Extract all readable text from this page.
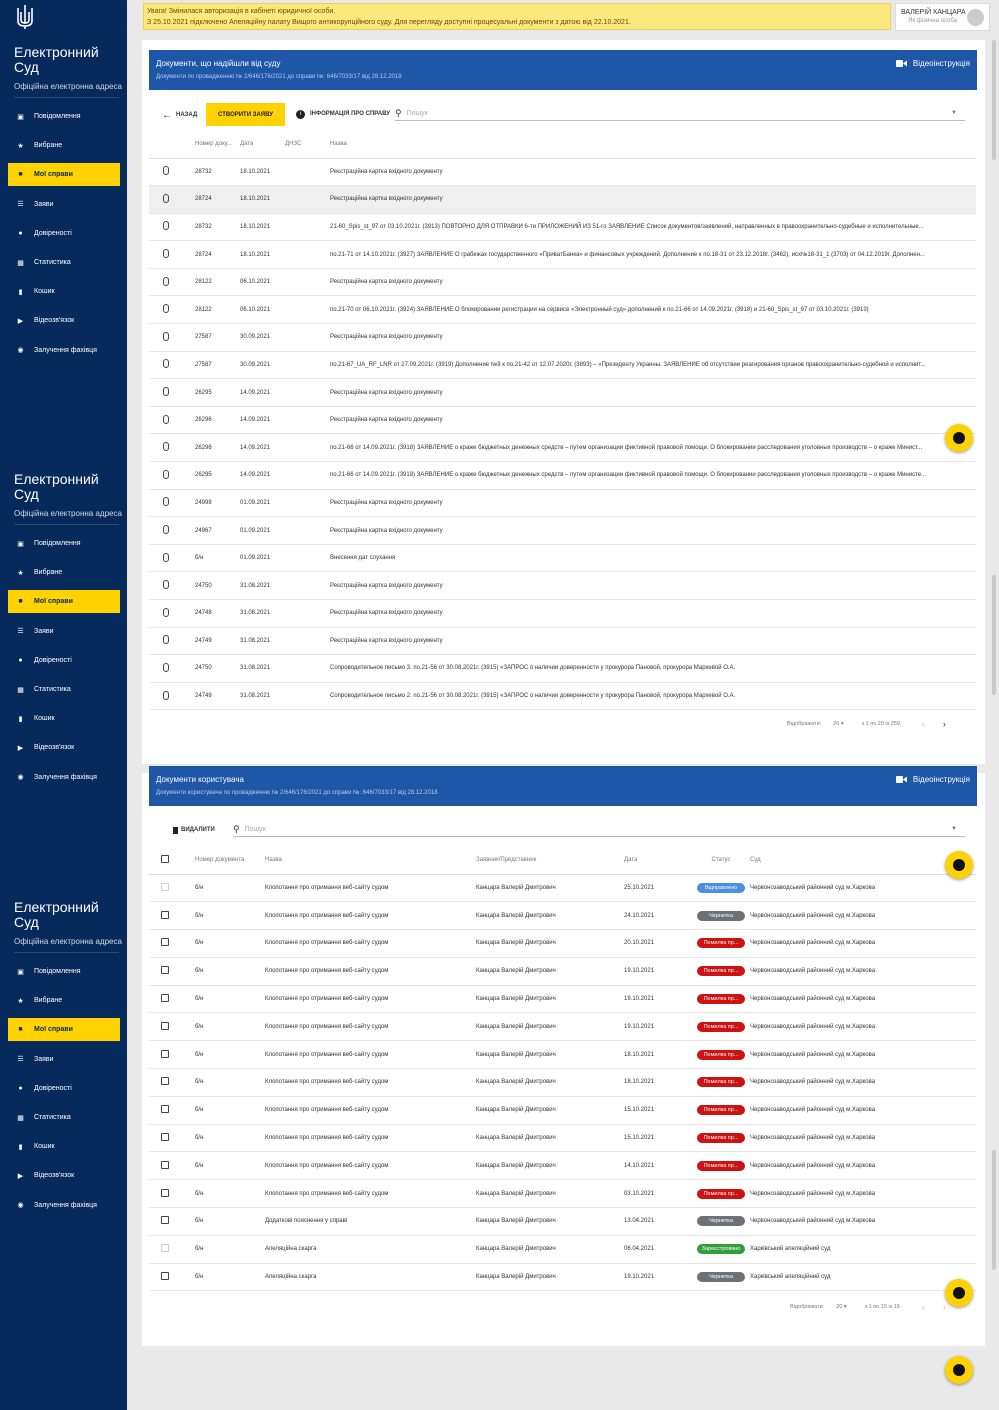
Електронний Суд
Офіційна електронна адреса
▣ Повідомлення
★ Вибране
■	Мої справи
☰ Заяви
●	Довіреності
▦ Статистика
▮	Кошик
▶ Відеозв'язок
◉ Залучення фахівця
Електронний Суд
Офіційна електронна адреса
▣ Повідомлення
★ Вибране
■	Мої справи
☰ Заяви
●	Довіреності
▦ Статистика
▮	Кошик
▶ Відеозв'язок
◉ Залучення фахівця
Електронний Суд
Офіційна електронна адреса
▣ Повідомлення
★ Вибране
■	Мої справи
☰ Заяви
●	Довіреності
▦ Статистика
▮	Кошик
▶ Відеозв'язок
◉ Залучення фахівця
Увага! Змінилася авторизація в кабінеті юридичної особи.
З 25.10.2021 підключено Апеляційну палату Вищого антикорупційного суду. Для перегляду доступні процесуальні документи з датою від 22.10.2021.
ВАЛЕРІЙ КАНЦАРА
Як фізична особа
Документи, що надійшли від суду
Документи по провадженню № 2/646/176/2021 до справи №: 646/7033/17 від 28.12.2018
Відеоінструкція
← НАЗАД	СТВОРИТИ ЗАЯВУ	i	ІНФОРМАЦІЯ ПРО СПРАВУ ⚲ Пошук	▼
	Номер доку...	Дата	ДНЗС	Назва
	28732	18.10.2021		Реєстраційна картка вхідного документу
	28724	18.10.2021		Реєстраційна картка вхідного документу
	28732	18.10.2021		21-60_Spis_st_97 от 03.10.2021г. (3913) ПОВТОРНО ДЛЯ ОТПРАВКИ 6-ти ПРИЛОЖЕНИЙ ИЗ 51-го ЗАЯВЛЕНИЕ Список документов/заявлений, направленных в правоохранительно-судебные и исполнительные...
	28724	18.10.2021		по.21-71 от 14.10.2021г. (3927) ЗАЯВЛЕНИЕ О грабежах государственного «ПриватБанка» и финансовых учреждений. Дополнение к по.18-31 от 23.12.2018г. (3462), исх№18-31_1 (3703) от 04.12.2019г. Дополнен...
	28122	06.10.2021		Реєстраційна картка вхідного документу
	28122	06.10.2021		по.21-70 от 06.10.2021г. (3924) ЗАЯВЛЕНИЕ О блокировании регистрации на сервисе «Электронный суд» дополнений к по.21-66 от 14.09.2021г. (3918) и 21-60_Spis_st_97 от 03.10.2021г. (3913)
	27587	30.09.2021		Реєстраційна картка вхідного документу
	27587	30.09.2021		по.21-67_UA_RF_LNR от 27.09.2021г. (3919) Дополнение №9 к по.21-42 от 12.07.2020г. (3893) – «Президенту Украины. ЗАЯВЛЕНИЕ об отсутствии реагирования органов правоохранительно-судебной и исполнит...
	26295	14.09.2021		Реєстраційна картка вхідного документу
	26296	14.09.2021		Реєстраційна картка вхідного документу
	26296	14.09.2021		по.21-66 от 14.09.2021г. (3918) ЗАЯВЛЕНИЕ о краже бюджетных денежных средств – путем организации фиктивной правовой помощи. О блокировании расследования уголовных производств – о краже Минист...
	26295	14.09.2021		по.21-66 от 14.09.2021г. (3918) ЗАЯВЛЕНИЕ о краже бюджетных денежных средств – путем организации фиктивной правовой помощи. О блокировании расследования уголовных производств – о краже Министе...
	24998	01.09.2021		Реєстраційна картка вхідного документу
	24967	01.09.2021		Реєстраційна картка вхідного документу
	б/н	01.09.2021		Внесення дат слухання
	24750	31.08.2021		Реєстраційна картка вхідного документу
	24748	31.08.2021		Реєстраційна картка вхідного документу
	24749	31.08.2021		Реєстраційна картка вхідного документу
	24750	31.08.2021		Сопроводительное письмо 3. по.21-56 от 30.08.2021г. (3915) «ЗАПРОС о наличии доверенности у прокурора Пановой, прокурора Мархевой О.А.
	24749	31.08.2021		Сопроводительное письмо 2. по.21-56 от 30.08.2021г. (3915) «ЗАПРОС о наличии доверенности у прокурора Пановой, прокурора Мархевой О.А.
Відображати: 20 ▾	з 1 по 20 із 259 ‹ ›
Документи користувача
Документи користувача по провадженню № 2/646/176/2021 до справи №: 646/7033/17 від 28.12.2018
Відеоінструкція
ВИДАЛИТИ ⚲ Пошук	▼
	Номер документа	Назва	Заявник/Представник	Дата	Статус	Суд
	б/н	Клопотання про отримання веб-сайту судом	Канцара Валерій Дмитрович	25.10.2021	Відправлено	Червонозаводський районний суд м.Харкова
	б/н	Клопотання про отримання веб-сайту судом	Канцара Валерій Дмитрович	24.10.2021	Чернетка	Червонозаводський районний суд м.Харкова
	б/н	Клопотання про отримання веб-сайту судом	Канцара Валерій Дмитрович	20.10.2021	Помилка пр...	Червонозаводський районний суд м.Харкова
	б/н	Клопотання про отримання веб-сайту судом	Канцара Валерій Дмитрович	19.10.2021	Помилка пр...	Червонозаводський районний суд м.Харкова
	б/н	Клопотання про отримання веб-сайту судом	Канцара Валерій Дмитрович	19.10.2021	Помилка пр...	Червонозаводський районний суд м.Харкова
	б/н	Клопотання про отримання веб-сайту судом	Канцара Валерій Дмитрович	19.10.2021	Помилка пр...	Червонозаводський районний суд м.Харкова
	б/н	Клопотання про отримання веб-сайту судом	Канцара Валерій Дмитрович	18.10.2021	Помилка пр...	Червонозаводський районний суд м.Харкова
	б/н	Клопотання про отримання веб-сайту судом	Канцара Валерій Дмитрович	18.10.2021	Помилка пр...	Червонозаводський районний суд м.Харкова
	б/н	Клопотання про отримання веб-сайту судом	Канцара Валерій Дмитрович	15.10.2021	Помилка пр...	Червонозаводський районний суд м.Харкова
	б/н	Клопотання про отримання веб-сайту судом	Канцара Валерій Дмитрович	15.10.2021	Помилка пр...	Червонозаводський районний суд м.Харкова
	б/н	Клопотання про отримання веб-сайту судом	Канцара Валерій Дмитрович	14.10.2021	Помилка пр...	Червонозаводський районний суд м.Харкова
	б/н	Клопотання про отримання веб-сайту судом	Канцара Валерій Дмитрович	03.10.2021	Помилка пр...	Червонозаводський районний суд м.Харкова
	б/н	Додаткові пояснення у справі	Канцара Валерій Дмитрович	13.04.2021	Чернетка	Червонозаводський районний суд м.Харкова
	б/н	Апеляційна скарга	Канцара Валерій Дмитрович	06.04.2021	Зареєстровано	Харківський апеляційний суд
	б/н	Апеляційна скарга	Канцара Валерій Дмитрович	19.10.2021	Чернетка	Харківський апеляційний суд
Відображати: 20 ▾	з 1 по 15 із 15 ‹ ›
